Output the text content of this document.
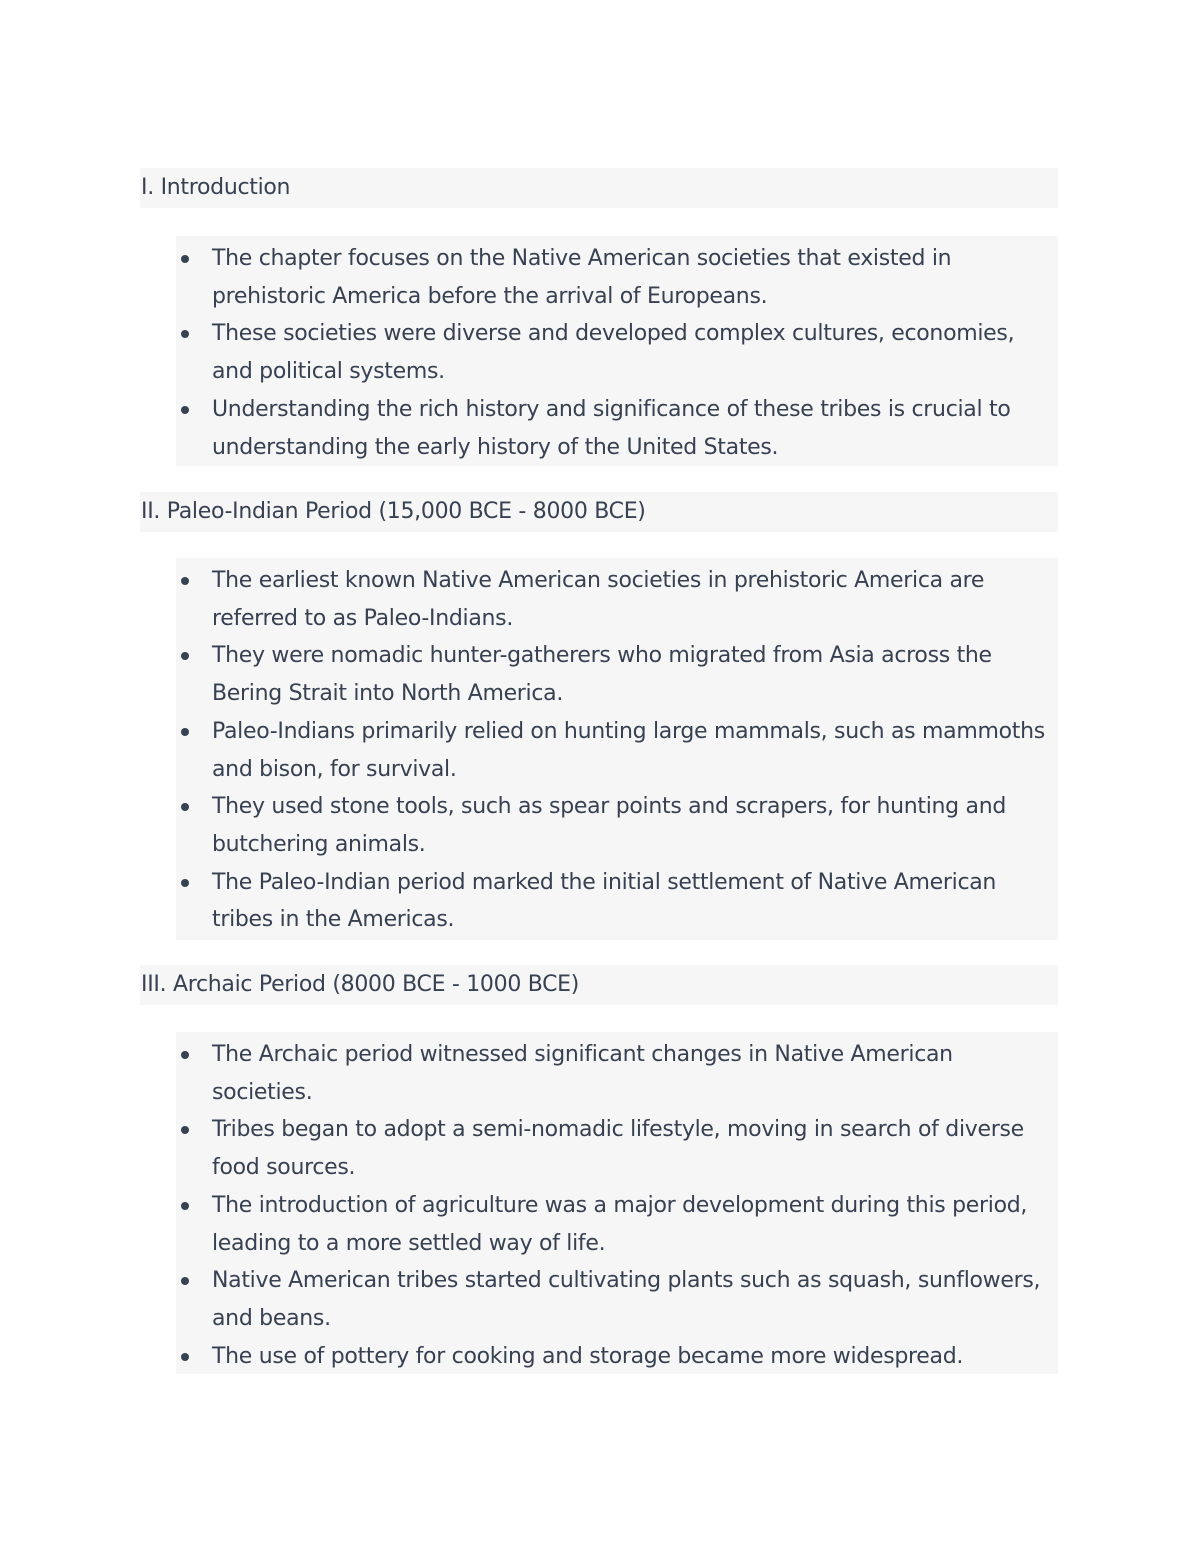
I. Introduction
The chapter focuses on the Native American societies that existed in prehistoric America before the arrival of Europeans.
These societies were diverse and developed complex cultures, economies, and political systems.
Understanding the rich history and significance of these tribes is crucial to understanding the early history of the United States.
II. Paleo-Indian Period (15,000 BCE - 8000 BCE)
The earliest known Native American societies in prehistoric America are referred to as Paleo-Indians.
They were nomadic hunter-gatherers who migrated from Asia across the Bering Strait into North America.
Paleo-Indians primarily relied on hunting large mammals, such as mammoths and bison, for survival.
They used stone tools, such as spear points and scrapers, for hunting and butchering animals.
The Paleo-Indian period marked the initial settlement of Native American tribes in the Americas.
III. Archaic Period (8000 BCE - 1000 BCE)
The Archaic period witnessed significant changes in Native American societies.
Tribes began to adopt a semi-nomadic lifestyle, moving in search of diverse food sources.
The introduction of agriculture was a major development during this period, leading to a more settled way of life.
Native American tribes started cultivating plants such as squash, sunflowers, and beans.
The use of pottery for cooking and storage became more widespread.
